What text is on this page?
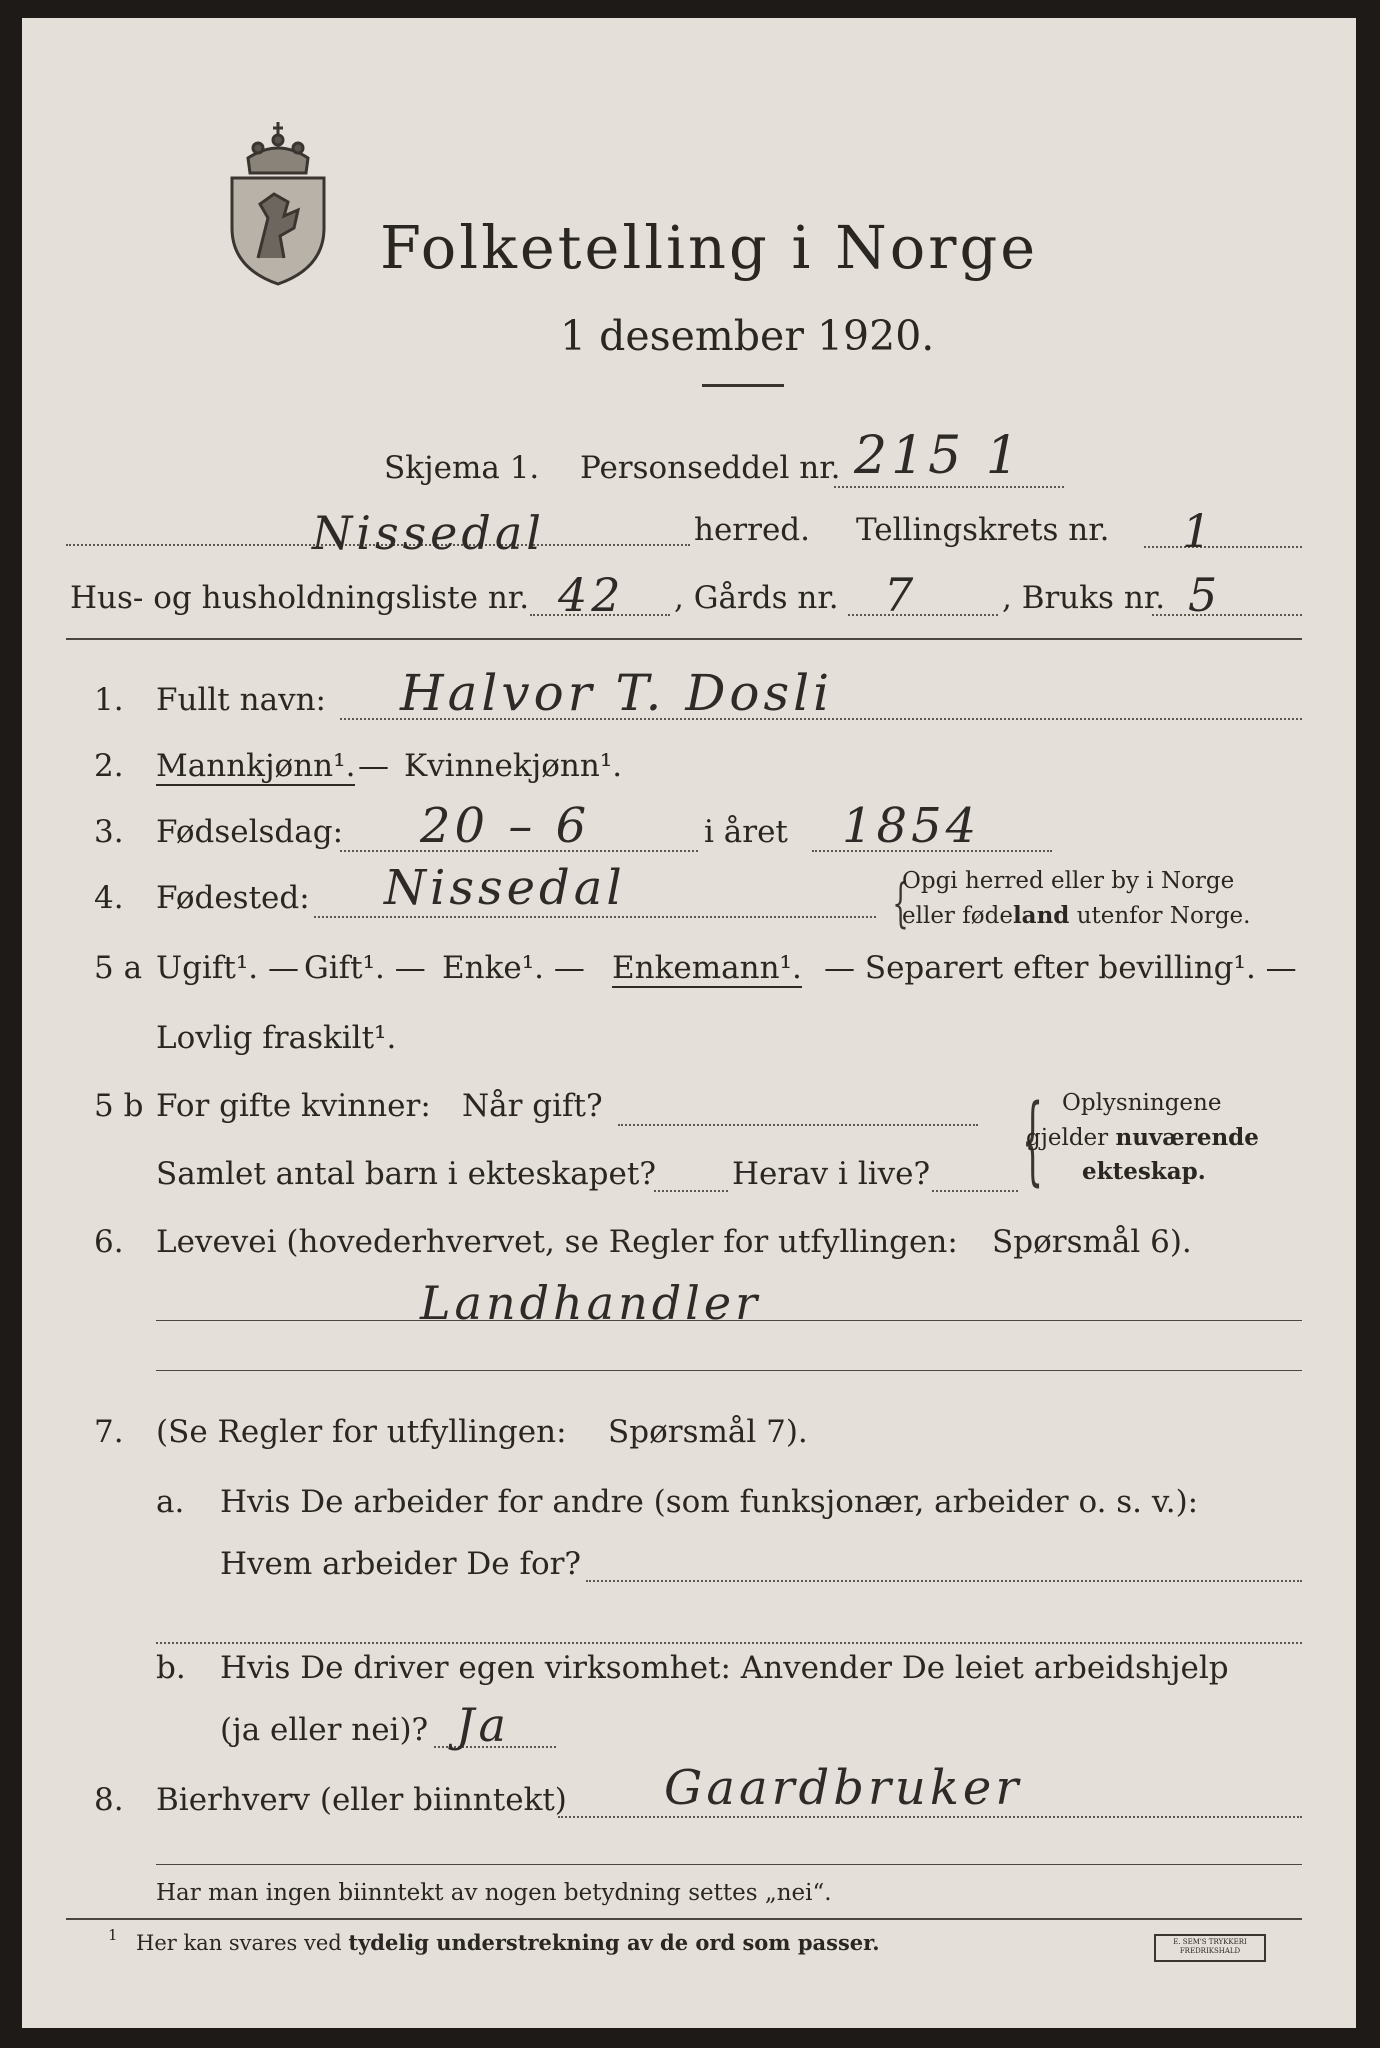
Folketelling i Norge
1 desember 1920.
Skjema 1. Personseddel nr. 215 1
Nissedal	herred. Tellingskrets nr. 1
Hus- og husholdningsliste nr. 42 , Gårds nr. 7	, Bruks nr. 5
1. Fullt navn: Halvor T. Dosli
2. Mannkjønn¹. — Kvinnekjønn¹.
3. Fødselsdag: 20 – 6	i året 1854
4. Fødested: Nissedal	{
Opgi herred eller by i Norge
eller fødeland utenfor Norge.
5 a Ugift¹. — Gift¹. — Enke¹. — Enkemann¹. — Separert efter bevilling¹. —
Lovlig fraskilt¹.
5 b For gifte kvinner: Når gift?
Samlet antal barn i ekteskapet? Herav i live? { Oplysningene
gjelder nuværende
ekteskap.
6. Levevei (hovederhvervet, se Regler for utfyllingen: Spørsmål 6).
Landhandler
7. (Se Regler for utfyllingen: Spørsmål 7).
a. Hvis De arbeider for andre (som funksjonær, arbeider o. s. v.):
Hvem arbeider De for?
b. Hvis De driver egen virksomhet: Anvender De leiet arbeidshjelp
(ja eller nei)? Ja
8. Bierhverv (eller biinntekt) Gaardbruker
Har man ingen biinntekt av nogen betydning settes „nei“.
1 Her kan svares ved tydelig understrekning av de ord som passer.	E. SEM'S TRYKKERI
FREDRIKSHALD
